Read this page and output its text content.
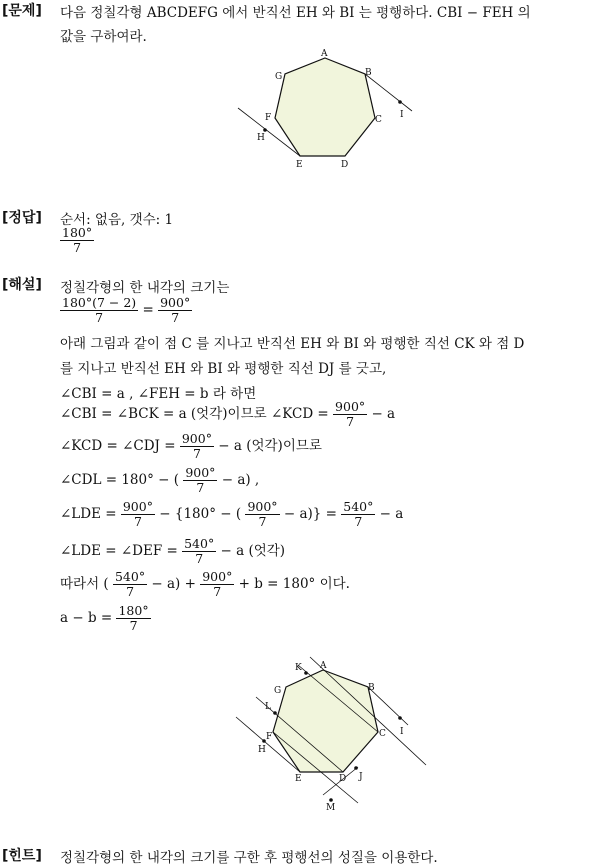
[문제] 다음 정칠각형 ABCDEFG 에서 반직선 EH 와 BI 는 평행하다. CBI − FEH 의
값을 구하여라.
A
B
C
D
E
F
G
H
I
[정답] 순서: 없음, 갯수: 1
$\frac{180^\circ}{7}$
[해설] 정칠각형의 한 내각의 크기는
$\frac{180^\circ(7 - 2)}{7} = \frac{900^\circ}{7}$
아래 그림과 같이 점 C 를 지나고 반직선 EH 와 BI 와 평행한 직선 CK 와 점 D
를 지나고 반직선 EH 와 BI 와 평행한 직선 DJ 를 긋고,
∠CBI = a , ∠FEH = b 라 하면
∠CBI = ∠BCK = a (엇각)이므로 ∠KCD = $\frac{900^\circ}{7} - a$
∠KCD = ∠CDJ = $\frac{900^\circ}{7} - a$ (엇각)이므로
∠CDL = 180° − ( $\frac{900^\circ}{7} - a$) ,
∠LDE = $\frac{900^\circ}{7} - \{180^\circ$ − ( $\frac{900^\circ}{7} - a)\} = \frac{540^\circ}{7} - a$
∠LDE = ∠DEF = $\frac{540^\circ}{7} - a$ (엇각)
따라서 ( $\frac{540^\circ}{7} - a) + \frac{900^\circ}{7} + b = 180^\circ$ 이다.
$a - b = \frac{180^\circ}{7}$
A
B
C
D
E
F
G
H
I
J
K
L
M
[힌트] 정칠각형의 한 내각의 크기를 구한 후 평행선의 성질을 이용한다.
